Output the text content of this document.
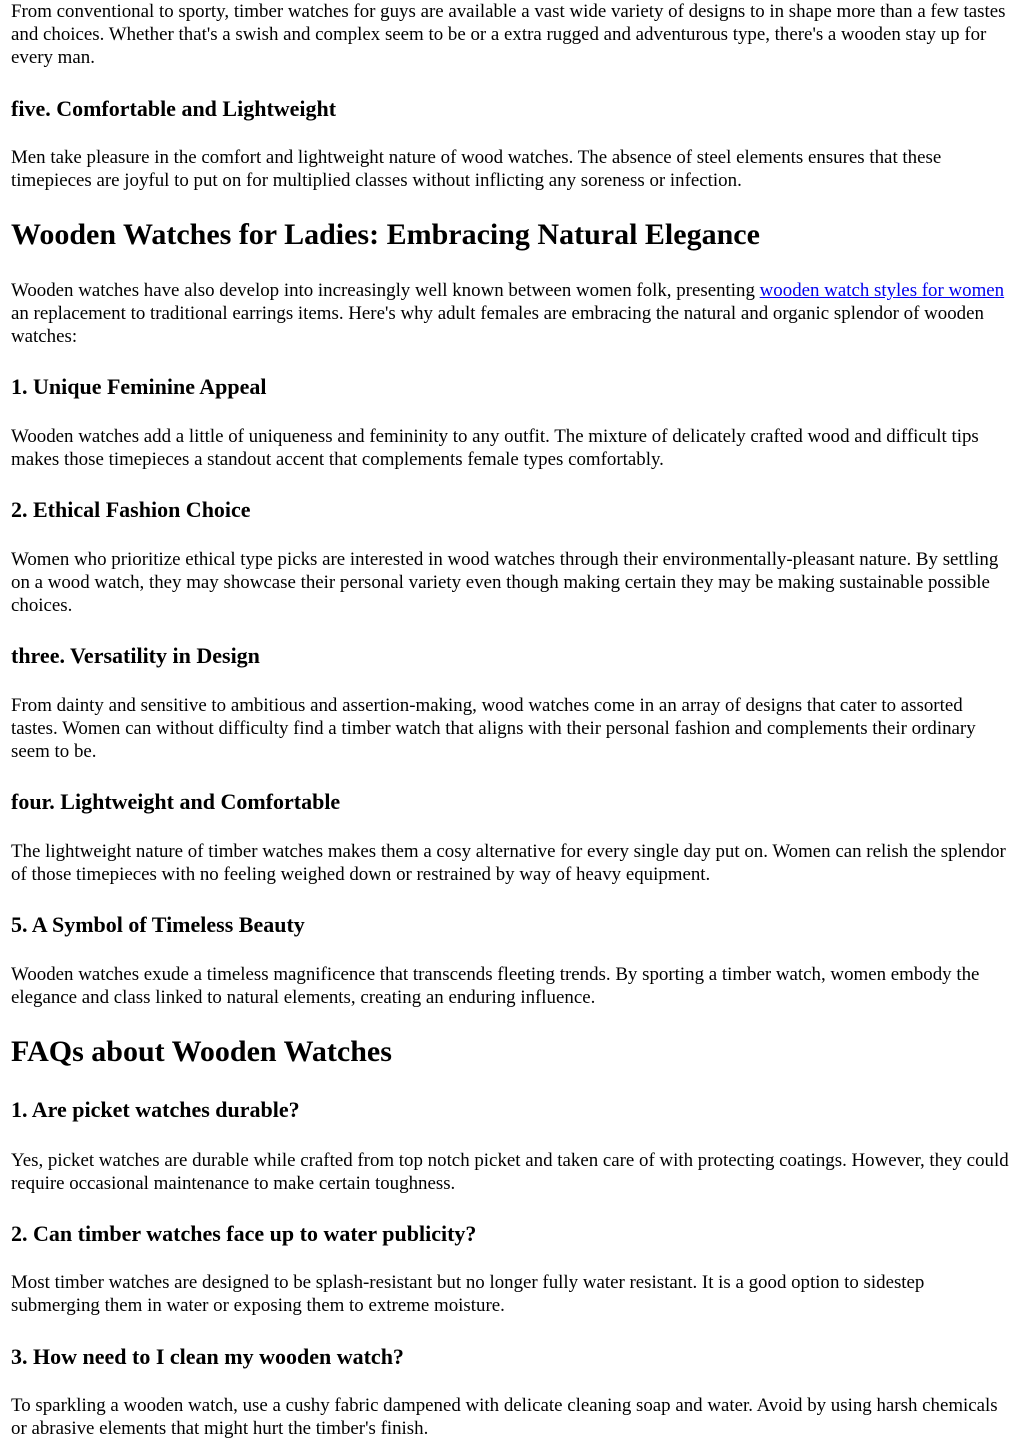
From conventional to sporty, timber watches for guys are available a vast wide variety of designs to in shape more than a few tastes and choices. Whether that's a swish and complex seem to be or a extra rugged and adventurous type, there's a wooden stay up for every man.

five. Comfortable and Lightweight

Men take pleasure in the comfort and lightweight nature of wood watches. The absence of steel elements ensures that these timepieces are joyful to put on for multiplied classes without inflicting any soreness or infection.

Wooden Watches for Ladies: Embracing Natural Elegance

Wooden watches have also develop into increasingly well known between women folk, presenting wooden watch styles for women an replacement to traditional earrings items. Here's why adult females are embracing the natural and organic splendor of wooden watches:

1. Unique Feminine Appeal

Wooden watches add a little of uniqueness and femininity to any outfit. The mixture of delicately crafted wood and difficult tips makes those timepieces a standout accent that complements female types comfortably.

2. Ethical Fashion Choice

Women who prioritize ethical type picks are interested in wood watches through their environmentally-pleasant nature. By settling on a wood watch, they may showcase their personal variety even though making certain they may be making sustainable possible choices.

three. Versatility in Design

From dainty and sensitive to ambitious and assertion-making, wood watches come in an array of designs that cater to assorted tastes. Women can without difficulty find a timber watch that aligns with their personal fashion and complements their ordinary seem to be.

four. Lightweight and Comfortable

The lightweight nature of timber watches makes them a cosy alternative for every single day put on. Women can relish the splendor of those timepieces with no feeling weighed down or restrained by way of heavy equipment.

5. A Symbol of Timeless Beauty

Wooden watches exude a timeless magnificence that transcends fleeting trends. By sporting a timber watch, women embody the elegance and class linked to natural elements, creating an enduring influence.

FAQs about Wooden Watches
1. Are picket watches durable?

Yes, picket watches are durable while crafted from top notch picket and taken care of with protecting coatings. However, they could require occasional maintenance to make certain toughness.

2. Can timber watches face up to water publicity?

Most timber watches are designed to be splash-resistant but no longer fully water resistant. It is a good option to sidestep submerging them in water or exposing them to extreme moisture.

3. How need to I clean my wooden watch?

To sparkling a wooden watch, use a cushy fabric dampened with delicate cleaning soap and water. Avoid by using harsh chemicals or abrasive elements that might hurt the timber's finish.
